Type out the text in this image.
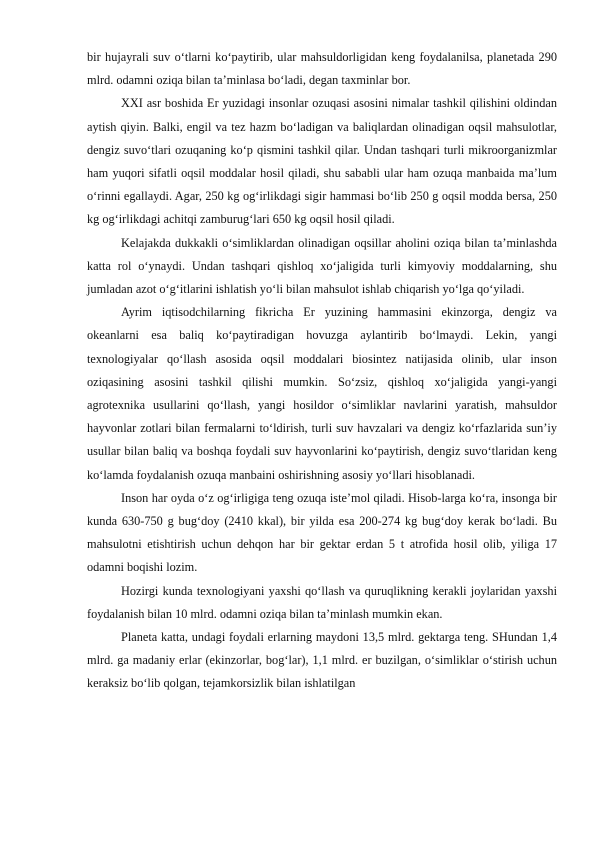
bir hujayrali suv o‘tlarni ko‘paytirib, ular mahsuldorligidan keng foydalanilsa, planetada 290 mlrd. odamni oziqa bilan ta’minlasa bo‘ladi, degan taxminlar bor.

XXI asr boshida Er yuzidagi insonlar ozuqasi asosini nimalar tashkil qilishini oldindan aytish qiyin. Balki, engil va tez hazm bo‘ladigan va baliqlardan olinadigan oqsil mahsulotlar, dengiz suvo‘tlari ozuqaning ko‘p qismini tashkil qilar. Undan tashqari turli mikroorganizmlar ham yuqori sifatli oqsil moddalar hosil qiladi, shu sababli ular ham ozuqa manbaida ma’lum o‘rinni egallaydi. Agar, 250 kg og‘irlikdagi sigir hammasi bo‘lib 250 g oqsil modda bersa, 250 kg og‘irlikdagi achitqi zamburug‘lari 650 kg oqsil hosil qiladi.

Kelajakda dukkakli o‘simliklardan olinadigan oqsillar aholini oziqa bilan ta’minlashda katta rol o‘ynaydi. Undan tashqari qishloq xo‘jaligida turli kimyoviy moddalarning, shu jumladan azot o‘g‘itlarini ishlatish yo‘li bilan mahsulot ishlab chiqarish yo‘lga qo‘yiladi.

Ayrim iqtisodchilarning fikricha Er yuzining hammasini ekinzorga, dengiz va okeanlarni esa baliq ko‘paytiradigan hovuzga aylantirib bo‘lmaydi. Lekin, yangi texnologiyalar qo‘llash asosida oqsil moddalari biosintez natijasida olinib, ular inson oziqasining asosini tashkil qilishi mumkin. So‘zsiz, qishloq xo‘jaligida yangi-yangi agrotexnika usullarini qo‘llash, yangi hosildor o‘simliklar navlarini yaratish, mahsuldor hayvonlar zotlari bilan fermalarni to‘ldirish, turli suv havzalari va dengiz ko‘rfazlarida sun’iy usullar bilan baliq va boshqa foydali suv hayvonlarini ko‘paytirish, dengiz suvo‘tlaridan keng ko‘lamda foydalanish ozuqa manbaini oshirishning asosiy yo‘llari hisoblanadi.

Inson har oyda o‘z og‘irligiga teng ozuqa iste’mol qiladi. Hisob-larga ko‘ra, insonga bir kunda 630-750 g bug‘doy (2410 kkal), bir yilda esa 200-274 kg bug‘doy kerak bo‘ladi. Bu mahsulotni etishtirish uchun dehqon har bir gektar erdan 5 t atrofida hosil olib, yiliga 17 odamni boqishi lozim.

Hozirgi kunda texnologiyani yaxshi qo‘llash va quruqlikning kerakli joylaridan yaxshi foydalanish bilan 10 mlrd. odamni oziqa bilan ta’minlash mumkin ekan.

Planeta katta, undagi foydali erlarning maydoni 13,5 mlrd. gektarga teng. SHundan 1,4 mlrd. ga madaniy erlar (ekinzorlar, bog‘lar), 1,1 mlrd. er buzilgan, o‘simliklar o‘stirish uchun keraksiz bo‘lib qolgan, tejamkorsizlik bilan ishlatilgan
